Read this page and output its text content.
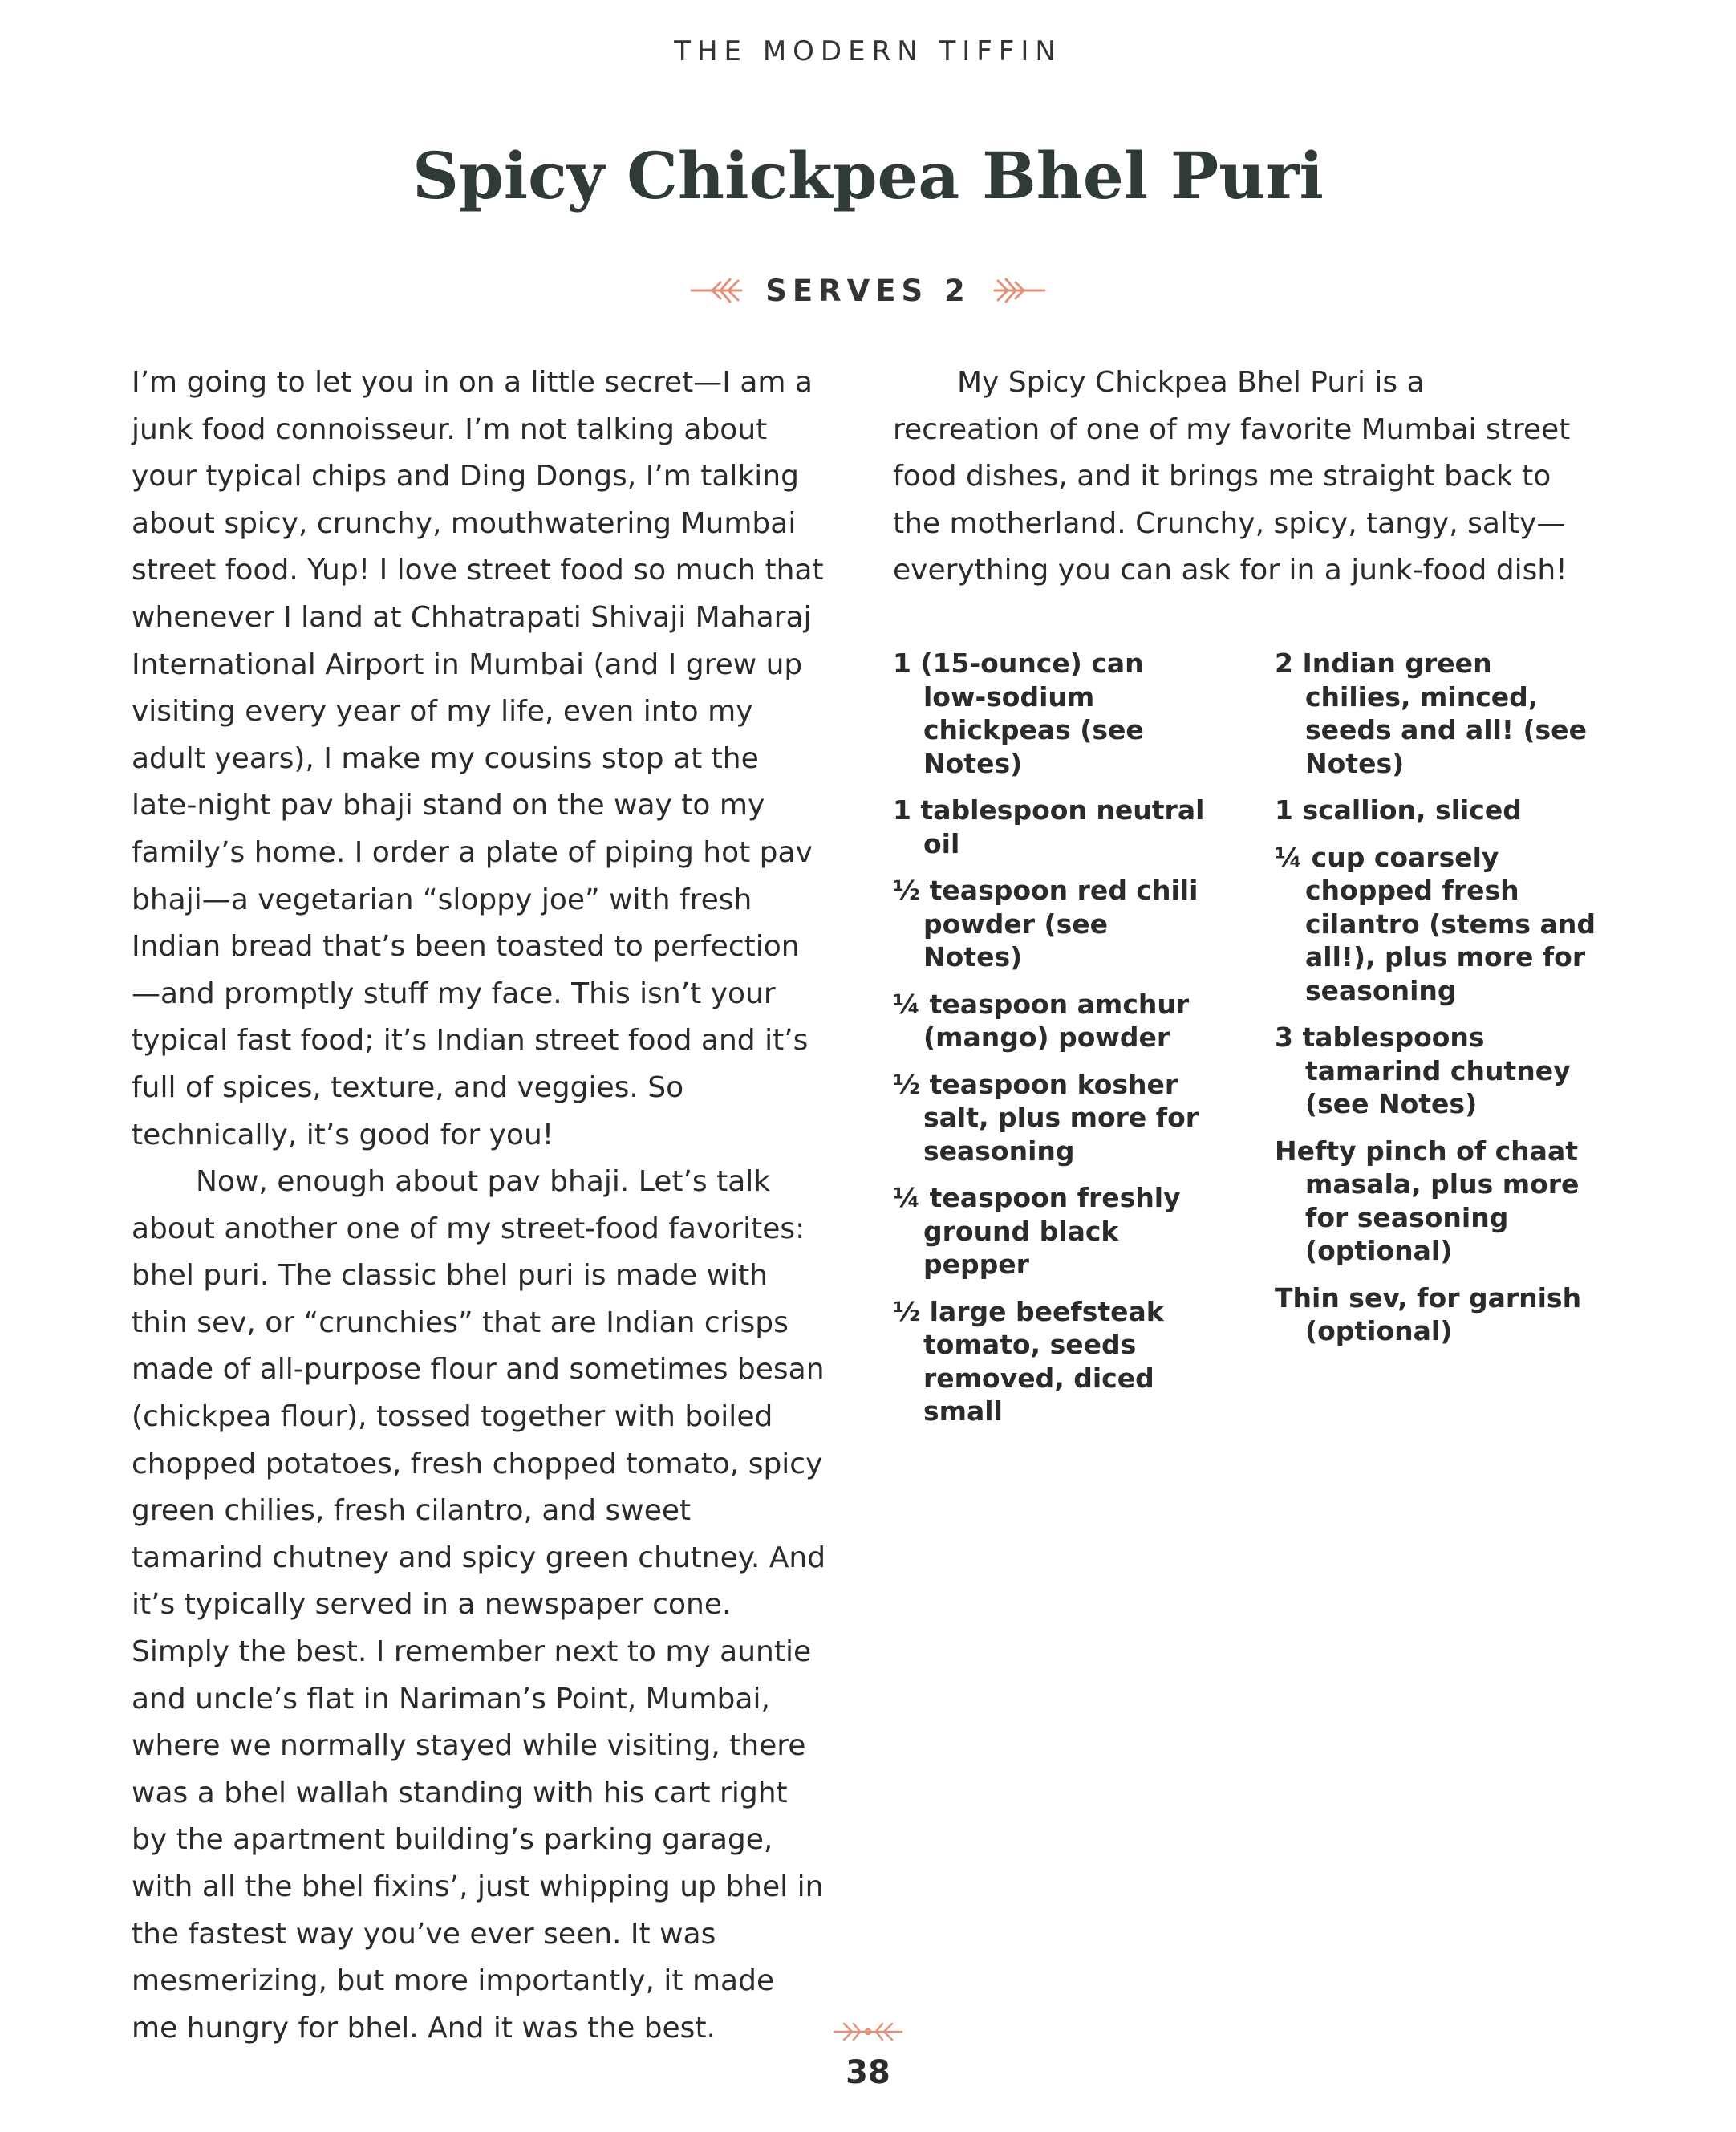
THE MODERN TIFFIN
Spicy Chickpea Bhel Puri
SERVES 2

I’m going to let you in on a little secret—I am a junk food connoisseur. I’m not talking about your typical chips and Ding Dongs, I’m talking about spicy, crunchy, mouthwatering Mumbai street food. Yup! I love street food so much that whenever I land at Chhatrapati Shivaji Maharaj International Airport in Mumbai (and I grew up visiting every year of my life, even into my adult years), I make my cousins stop at the late-night pav bhaji stand on the way to my family’s home. I order a plate of piping hot pav bhaji—a vegetarian “sloppy joe” with fresh Indian bread that’s been toasted to perfection—and promptly stuff my face. This isn’t your typical fast food; it’s Indian street food and it’s full of spices, texture, and veggies. So technically, it’s good for you!

Now, enough about pav bhaji. Let’s talk about another one of my street-food favorites: bhel puri. The classic bhel puri is made with thin sev, or “crunchies” that are Indian crisps made of all-purpose flour and sometimes besan (chickpea flour), tossed together with boiled chopped potatoes, fresh chopped tomato, spicy green chilies, fresh cilantro, and sweet tamarind chutney and spicy green chutney. And it’s typically served in a newspaper cone. Simply the best. I remember next to my auntie and uncle’s flat in Nariman’s Point, Mumbai, where we normally stayed while visiting, there was a bhel wallah standing with his cart right by the apartment building’s parking garage, with all the bhel fixins’, just whipping up bhel in the fastest way you’ve ever seen. It was mesmerizing, but more importantly, it made me hungry for bhel. And it was the best.

My Spicy Chickpea Bhel Puri is a recreation of one of my favorite Mumbai street food dishes, and it brings me straight back to the motherland. Crunchy, spicy, tangy, salty—everything you can ask for in a junk-food dish!

1 (15-ounce) can low-sodium chickpeas (see Notes)
1 tablespoon neutral oil
½ teaspoon red chili powder (see Notes)
¼ teaspoon amchur (mango) powder
½ teaspoon kosher salt, plus more for seasoning
¼ teaspoon freshly ground black pepper
½ large beefsteak tomato, seeds removed, diced small
2 Indian green chilies, minced, seeds and all! (see Notes)
1 scallion, sliced
¼ cup coarsely chopped fresh cilantro (stems and all!), plus more for seasoning
3 tablespoons tamarind chutney (see Notes)
Hefty pinch of chaat masala, plus more for seasoning (optional)
Thin sev, for garnish (optional)
38
